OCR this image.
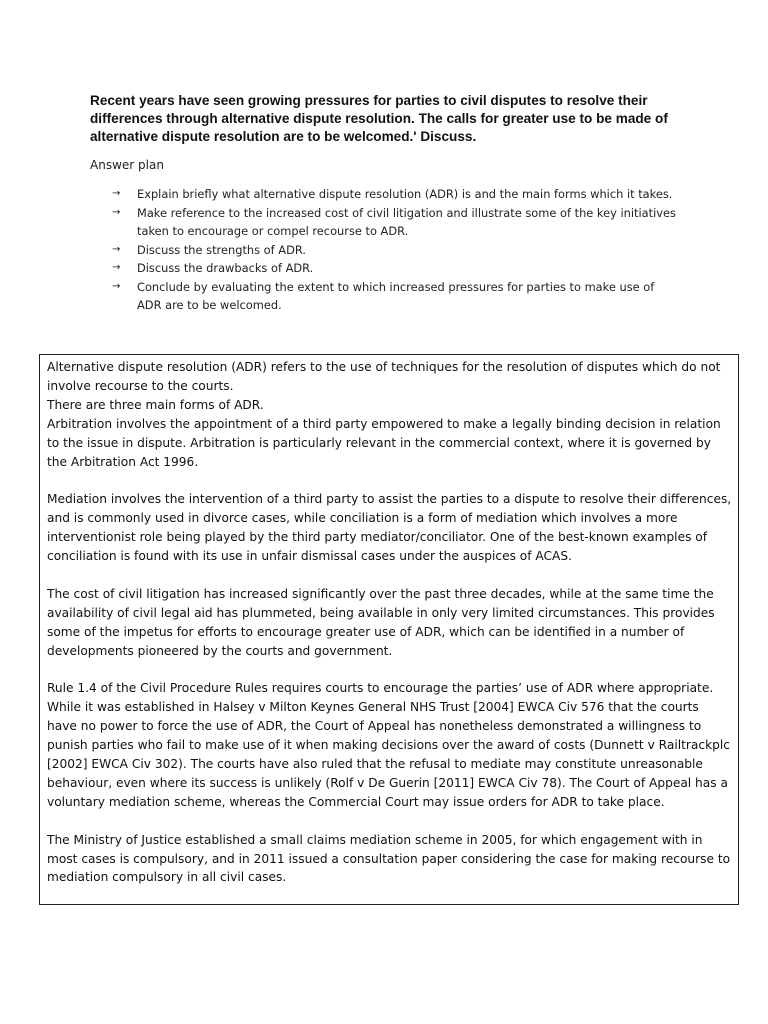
Recent years have seen growing pressures for parties to civil disputes to resolve their differences through alternative dispute resolution. The calls for greater use to be made of alternative dispute resolution are to be welcomed.' Discuss.

Answer plan

→ Explain briefly what alternative dispute resolution (ADR) is and the main forms which it takes.
→ Make reference to the increased cost of civil litigation and illustrate some of the key initiatives taken to encourage or compel recourse to ADR.
→ Discuss the strengths of ADR.
→ Discuss the drawbacks of ADR.
→ Conclude by evaluating the extent to which increased pressures for parties to make use of ADR are to be welcomed.

Alternative dispute resolution (ADR) refers to the use of techniques for the resolution of disputes which do not involve recourse to the courts.

There are three main forms of ADR.

Arbitration involves the appointment of a third party empowered to make a legally binding decision in relation to the issue in dispute. Arbitration is particularly relevant in the commercial context, where it is governed by the Arbitration Act 1996.

Mediation involves the intervention of a third party to assist the parties to a dispute to resolve their differences, and is commonly used in divorce cases, while conciliation is a form of mediation which involves a more interventionist role being played by the third party mediator/conciliator. One of the best-known examples of conciliation is found with its use in unfair dismissal cases under the auspices of ACAS.

The cost of civil litigation has increased significantly over the past three decades, while at the same time the availability of civil legal aid has plummeted, being available in only very limited circumstances. This provides some of the impetus for efforts to encourage greater use of ADR, which can be identified in a number of developments pioneered by the courts and government.

Rule 1.4 of the Civil Procedure Rules requires courts to encourage the parties’ use of ADR where appropriate. While it was established in Halsey v Milton Keynes General NHS Trust [2004] EWCA Civ 576 that the courts have no power to force the use of ADR, the Court of Appeal has nonetheless demonstrated a willingness to punish parties who fail to make use of it when making decisions over the award of costs (Dunnett v Railtrackplc [2002] EWCA Civ 302). The courts have also ruled that the refusal to mediate may constitute unreasonable behaviour, even where its success is unlikely (Rolf v De Guerin [2011] EWCA Civ 78). The Court of Appeal has a voluntary mediation scheme, whereas the Commercial Court may issue orders for ADR to take place.

The Ministry of Justice established a small claims mediation scheme in 2005, for which engagement with in most cases is compulsory, and in 2011 issued a consultation paper considering the case for making recourse to mediation compulsory in all civil cases.
